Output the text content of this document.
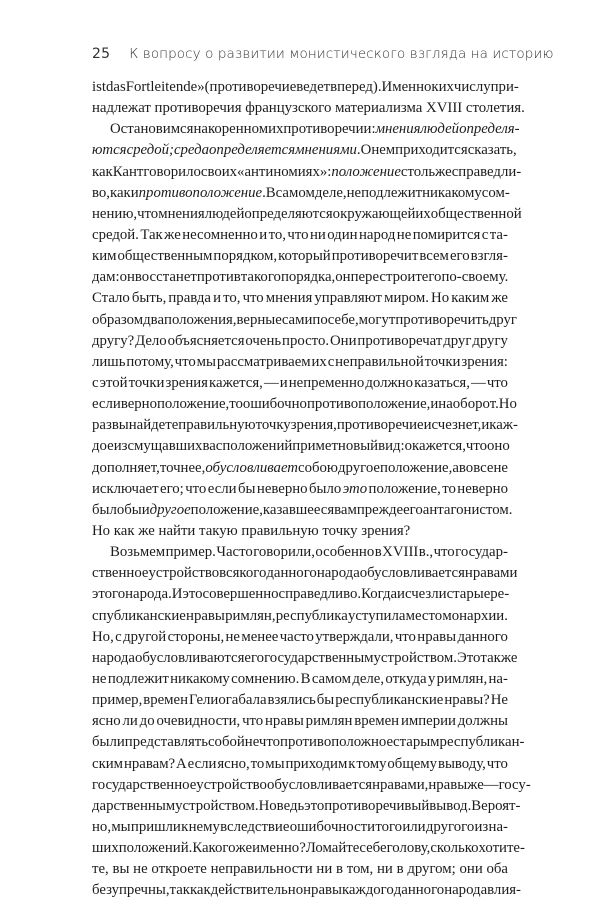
25 К вопросу о развитии монистического взгляда на историю
ist das Fortleitende» (противоречие ведет вперед). Именно к их числу при-
надлежат противоречия французского материализма XVIII столетия.
Остановимся на коренном их противоречии: мнения людей определя-
ются средой; среда определяется мнениями. О нем приходится сказать,
как Кант говорил о своих «антиномиях»: положение столь же справедли-
во, как и противоположение. В самом деле, не подлежит никакому сом-
нению, что мнения людей определяются окружающей их общественной
средой. Так же несомненно и то, что ни один народ не помирится с та-
ким общественным порядком, который противоречит всем его взгля-
дам: он восстанет против такого порядка, он перестроит его по-своему.
Стало быть, правда и то, что мнения управляют миром. Но каким же
образом два положения, верные сами по себе, могут противоречить друг
другу? Дело объясняется очень просто. Они противоречат друг другу
лишь потому, что мы рассматриваем их с неправильной точки зрения:
с этой точки зрения кажется, — и непременно должно казаться, — что
если верно положение, то ошибочно противоположение, и наоборот. Но
раз вы найдете правильную точку зрения, противоречие исчезнет, и каж-
дое из смущавших вас положений примет новый вид: окажется, что оно
дополняет, точнее, обусловливает собою другое положение, а вовсе не
исключает его; что если бы неверно было это положение, то неверно
было бы и другое положение, казавшееся вам прежде его антагонистом.
Но как же найти такую правильную точку зрения?
Возьмем пример. Часто говорили, особенно в XVIII в., что государ-
ственное устройство всякого данного народа обусловливается нравами
этого народа. И это совершенно справедливо. Когда исчезли старые ре-
спубликанские нравы римлян, республика уступила место монархии.
Но, с другой стороны, не менее часто утверждали, что нравы данного
народа обусловливаются его государственным устройством. Это также
не подлежит никакому сомнению. В самом деле, откуда у римлян, на-
пример, времен Гелиогабала взялись бы республиканские нравы? Не
ясно ли до очевидности, что нравы римлян времен империи должны
были представлять собой нечто противоположное старым республикан-
ским нравам? А если ясно, то мы приходим к тому общему выводу, что
государственное устройство обусловливается нравами, нравы же — госу-
дарственным устройством. Но ведь это противоречивый вывод. Вероят-
но, мы пришли к нему вследствие ошибочности того или другого из на-
ших положений. Какого же именно? Ломайте себе голову, сколько хотите-
те, вы не откроете неправильности ни в том, ни в другом; они оба
безупречны, так как действительно нравы каждого данного народа влия-
